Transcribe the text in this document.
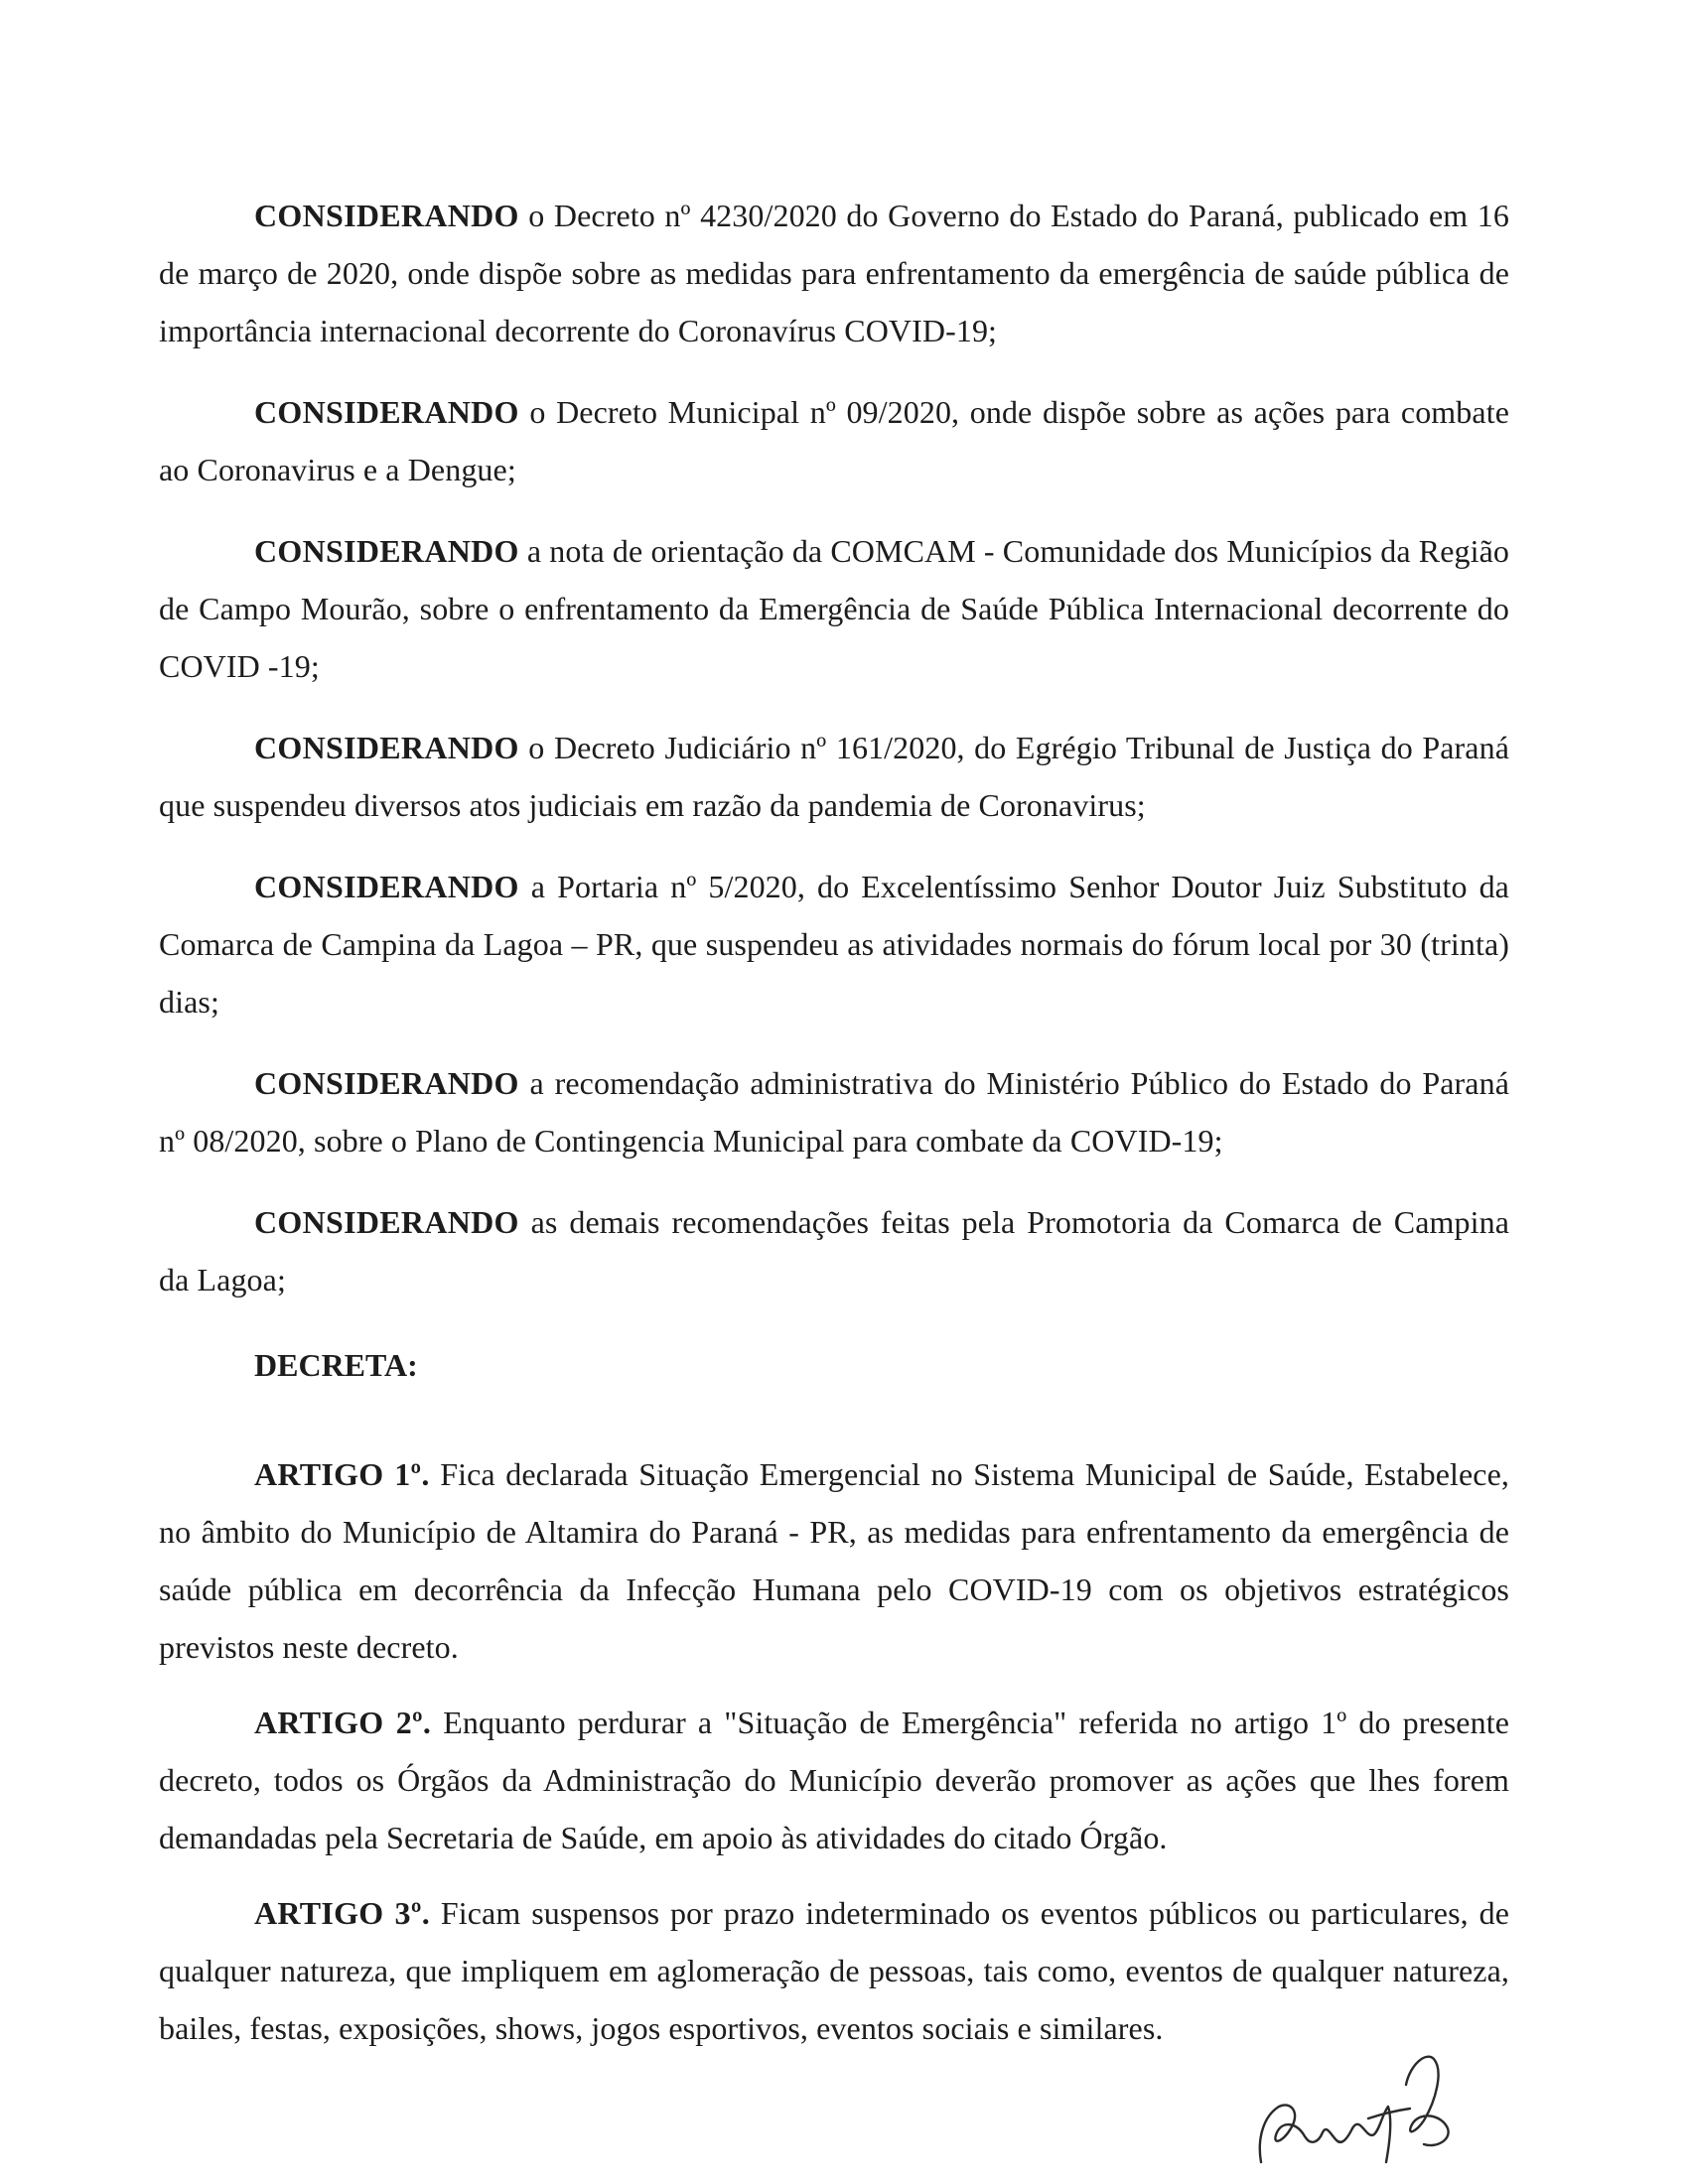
CONSIDERANDO o Decreto nº 4230/2020 do Governo do Estado do Paraná, publicado em 16 de março de 2020, onde dispõe sobre as medidas para enfrentamento da emergência de saúde pública de importância internacional decorrente do Coronavírus COVID-19;

CONSIDERANDO o Decreto Municipal nº 09/2020, onde dispõe sobre as ações para combate ao Coronavirus e a Dengue;

CONSIDERANDO a nota de orientação da COMCAM - Comunidade dos Municípios da Região de Campo Mourão, sobre o enfrentamento da Emergência de Saúde Pública Internacional decorrente do COVID -19;

CONSIDERANDO o Decreto Judiciário nº 161/2020, do Egrégio Tribunal de Justiça do Paraná que suspendeu diversos atos judiciais em razão da pandemia de Coronavirus;

CONSIDERANDO a Portaria nº 5/2020, do Excelentíssimo Senhor Doutor Juiz Substituto da Comarca de Campina da Lagoa – PR, que suspendeu as atividades normais do fórum local por 30 (trinta) dias;

CONSIDERANDO a recomendação administrativa do Ministério Público do Estado do Paraná nº 08/2020, sobre o Plano de Contingencia Municipal para combate da COVID-19;

CONSIDERANDO as demais recomendações feitas pela Promotoria da Comarca de Campina da Lagoa;

DECRETA:

ARTIGO 1º. Fica declarada Situação Emergencial no Sistema Municipal de Saúde, Estabelece, no âmbito do Município de Altamira do Paraná - PR, as medidas para enfrentamento da emergência de saúde pública em decorrência da Infecção Humana pelo COVID-19 com os objetivos estratégicos previstos neste decreto.

ARTIGO 2º. Enquanto perdurar a "Situação de Emergência" referida no artigo 1º do presente decreto, todos os Órgãos da Administração do Município deverão promover as ações que lhes forem demandadas pela Secretaria de Saúde, em apoio às atividades do citado Órgão.

ARTIGO 3º. Ficam suspensos por prazo indeterminado os eventos públicos ou particulares, de qualquer natureza, que impliquem em aglomeração de pessoas, tais como, eventos de qualquer natureza, bailes, festas, exposições, shows, jogos esportivos, eventos sociais e similares.
